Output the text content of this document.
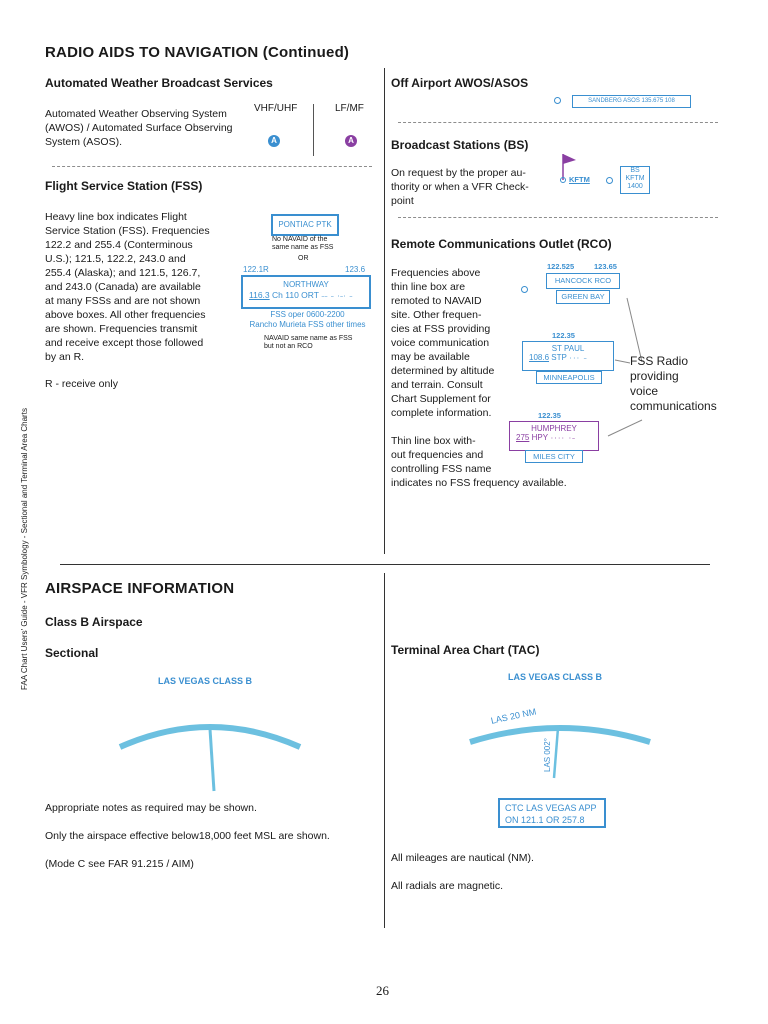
FAA Chart Users' Guide - VFR Symbology - Sectional and Terminal Area Charts
RADIO AIDS TO NAVIGATION (Continued)
Automated Weather Broadcast Services
Automated Weather Observing System
(AWOS) / Automated Surface Observing
System (ASOS).
VHF/UHF	LF/MF
A	A
Flight Service Station (FSS)
Heavy line box indicates Flight
Service Station (FSS). Frequencies
122.2 and 255.4 (Conterminous
U.S.); 121.5, 122.2, 243.0 and
255.4 (Alaska); and 121.5, 126.7,
and 243.0 (Canada) are available
at many FSSs and are not shown
above boxes. All other frequencies
are shown. Frequencies transmit
and receive except those followed
by an R.
R - receive only
PONTIAC PTK
No NAVAID of the
same name as FSS
OR
122.1R	123.6
NORTHWAY
116.3 Ch 110 ORT ‒‒ ‒ ·‒· ‒
FSS oper 0600-2200
Rancho Murieta FSS other times
NAVAID same name as FSS
but not an RCO
Off Airport AWOS/ASOS
SANDBERG ASOS 135.675 108
Broadcast Stations (BS)
On request by the proper au-
thority or when a VFR Check-
point
KFTM
BS
KFTM
1400
Remote Communications Outlet (RCO)
Frequencies above
thin line box are
remoted to NAVAID
site. Other frequen-
cies at FSS providing
voice communication
may be available
determined by altitude
and terrain. Consult
Chart Supplement for
complete information.
Thin line box with-
out frequencies and
controlling FSS name
indicates no FSS frequency available.
122.525	123.65
HANCOCK RCO
GREEN BAY
122.35
ST PAUL
108.6 STP ··· ‒
MINNEAPOLIS
122.35
HUMPHREY
275 HPY ···· ·‒
MILES CITY
FSS Radio
providing
voice
communications
AIRSPACE INFORMATION
Class B Airspace
Sectional
LAS VEGAS CLASS B
Appropriate notes as required may be shown.
Only the airspace effective below18,000 feet MSL are shown.
(Mode C see FAR 91.215 / AIM)
Terminal Area Chart (TAC)
LAS VEGAS CLASS B
LAS 20 NM
LAS 002°
CTC LAS VEGAS APP
ON 121.1 OR 257.8
All mileages are nautical (NM).
All radials are magnetic.
26
